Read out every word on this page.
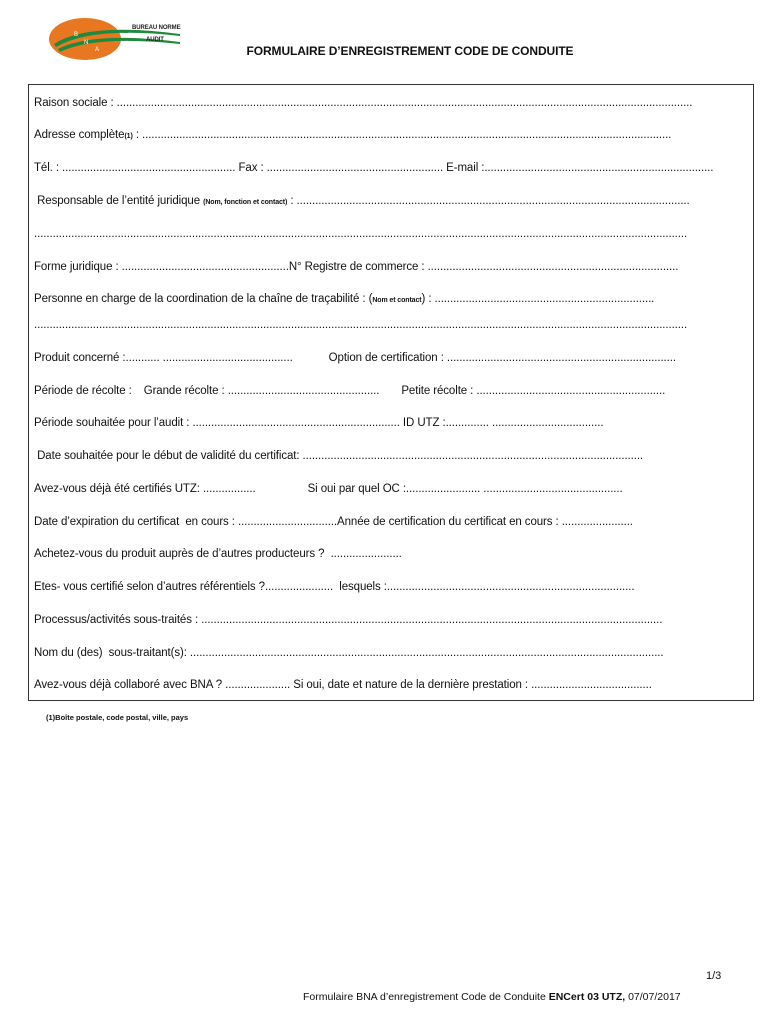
B
N
A
BUREAU NORME
AUDIT
FORMULAIRE D’ENREGISTREMENT CODE DE CONDUITE
Raison sociale : ..........................................................................................................................................................................................
Adresse complète(1) : ...........................................................................................................................................................................
Tél. : ........................................................ Fax : ......................................................... E-mail :..........................................................................
Responsable de l’entité juridique (Nom, fonction et contact) : ...............................................................................................................................
...................................................................................................................................................................................................................
Forme juridique : ......................................................N° Registre de commerce : .................................................................................
Personne en charge de la coordination de la chaîne de traçabilité : (Nom et contact) : .......................................................................
...................................................................................................................................................................................................................
Produit concerné :........... ..........................................	Option de certification : ..........................................................................
Période de récolte : Grande récolte : ................................................. Petite récolte : .............................................................
Période souhaitée pour l’audit : ................................................................... ID UTZ :.............. ....................................
Date souhaitée pour le début de validité du certificat: ..............................................................................................................
Avez-vous déjà été certifiés UTZ: .................	Si oui par quel OC :........................ .............................................
Date d’expiration du certificat  en cours : ................................Année de certification du certificat en cours : .......................
Achetez-vous du produit auprès de d’autres producteurs ?  .......................
Etes- vous certifié selon d’autres référentiels ?......................  lesquels :................................................................................
Processus/activités sous-traités : .....................................................................................................................................................
Nom du (des)  sous-traitant(s): .........................................................................................................................................................
Avez-vous déjà collaboré avec BNA ? ..................... Si oui, date et nature de la dernière prestation : .......................................
(1)Boîte postale, code postal, ville, pays
1/3
Formulaire BNA d’enregistrement Code de Conduite ENCert 03 UTZ, 07/07/2017
